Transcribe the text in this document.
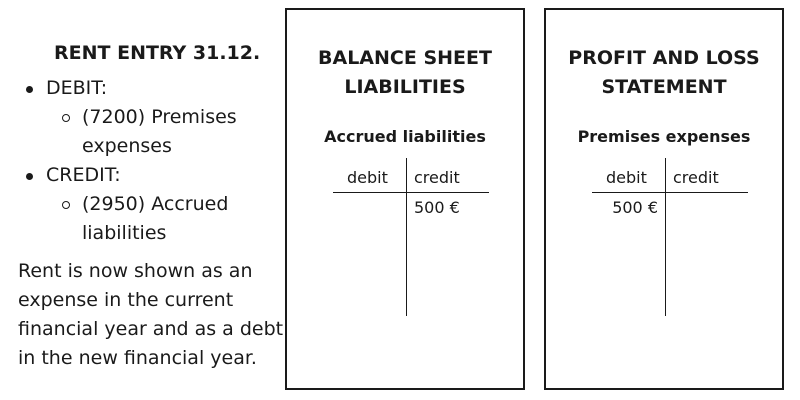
RENT ENTRY 31.12.

DEBIT:
(7200) Premises expenses
CREDIT:
(2950) Accrued liabilities

Rent is now shown as an expense in the current financial year and as a debt in the new financial year.

BALANCE SHEET LIABILITIES

Accrued liabilities

debit credit
500 €

PROFIT AND LOSS STATEMENT

Premises expenses

debit credit
500 €
